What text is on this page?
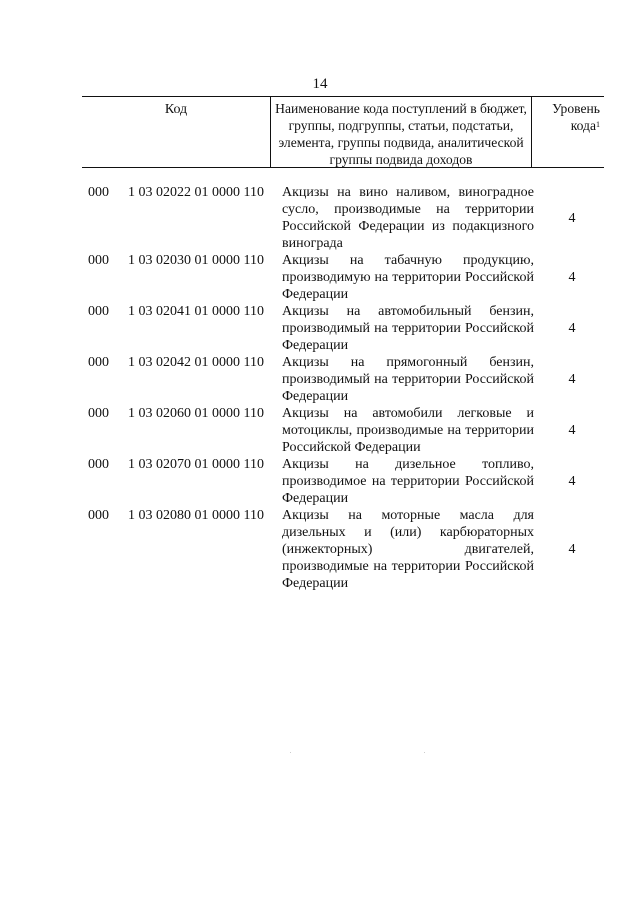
14
Код	Наименование кода поступлений в бюджет, группы, подгруппы, статьи, подстатьи, элемента, группы подвида, аналитической группы подвида доходов
Уровень кода$^1$
000 1 03 02022 01 0000 110 Акцизы на вино наливом, виноградное сусло, производимые на территории Российской Федерации из подакцизного винограда
4
000 1 03 02030 01 0000 110 Акцизы на табачную продукцию, производимую на территории Российской Федерации
4
000 1 03 02041 01 0000 110 Акцизы на автомобильный бензин, производимый на территории Российской Федерации
4
000 1 03 02042 01 0000 110 Акцизы на прямогонный бензин, производимый на территории Российской Федерации
4
000 1 03 02060 01 0000 110 Акцизы на автомобили легковые и мотоциклы, производимые на территории Российской Федерации
4
000 1 03 02070 01 0000 110 Акцизы на дизельное топливо, производимое на территории Российской Федерации
4
000 1 03 02080 01 0000 110 Акцизы на моторные масла для дизельных и (или) карбюраторных (инжекторных) двигателей, производимые на территории Российской Федерации
4
